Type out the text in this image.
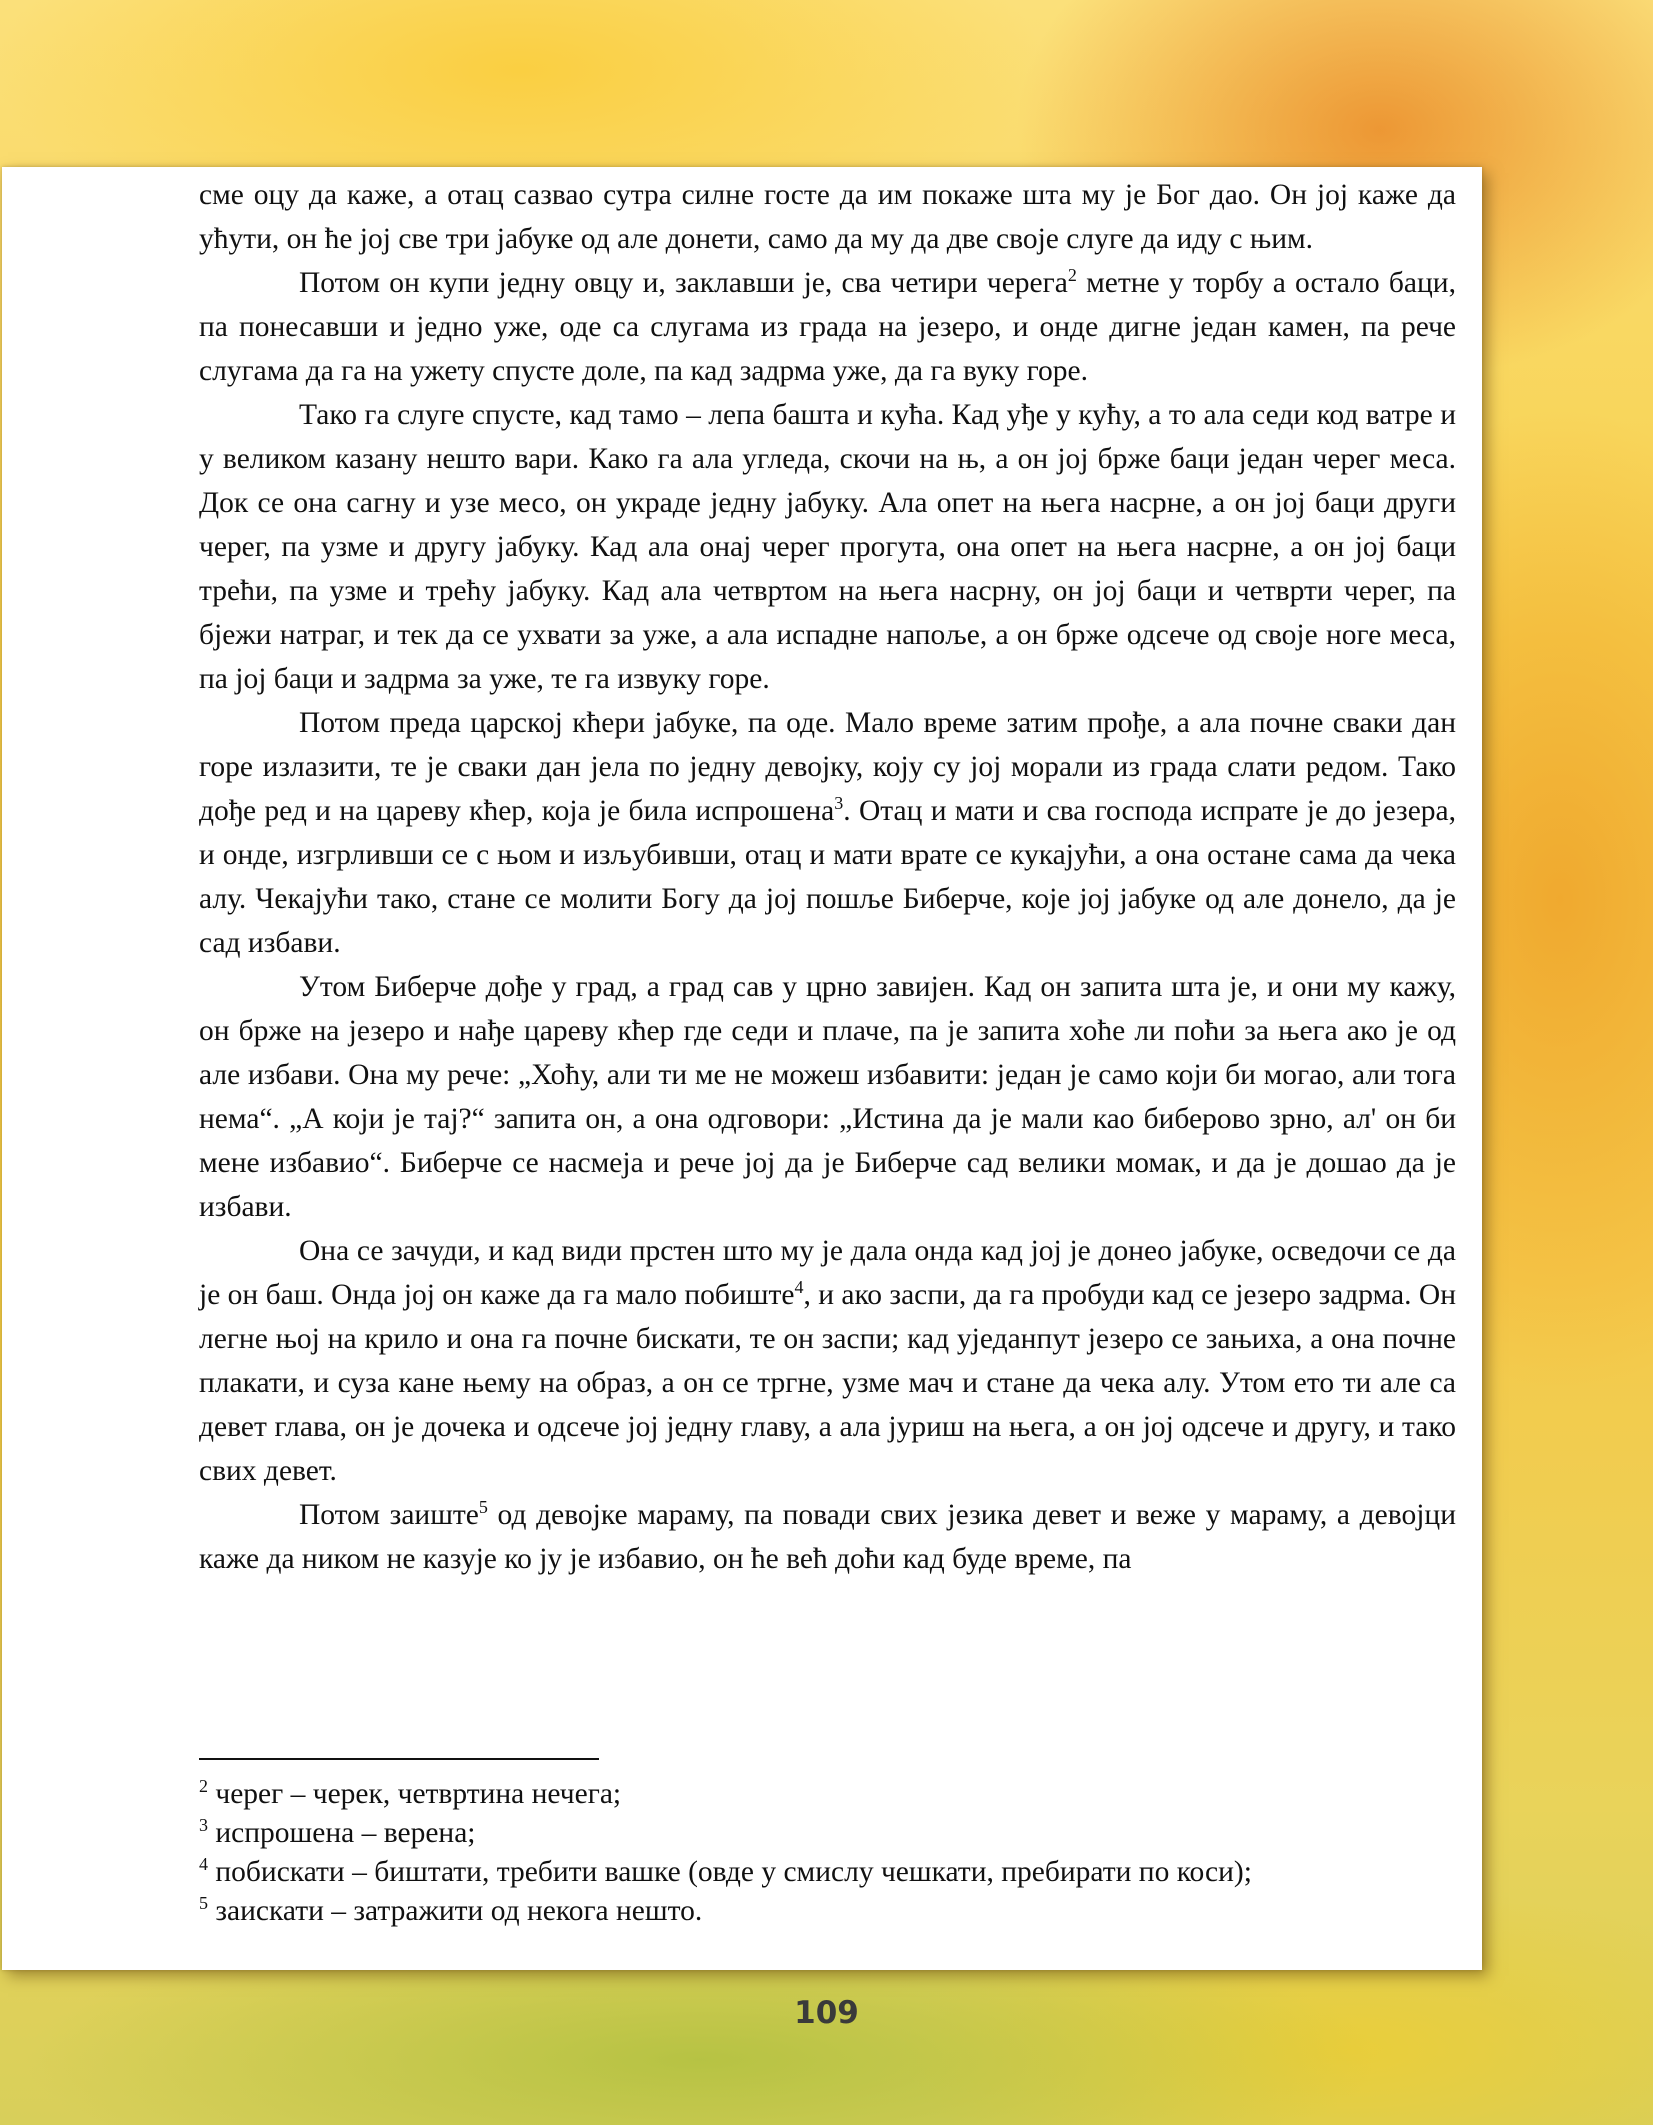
сме оцу да каже, а отац сазвао сутра силне госте да им покаже шта му је Бог дао. Он јој каже да ућути, он ће јој све три јабуке од але донети, само да му да две своје слуге да иду с њим.

Потом он купи једну овцу и, заклавши је, сва четири черега$^2$ метне у торбу а остало баци, па понесавши и једно уже, оде са слугама из града на језеро, и онде дигне један камен, па рече слугама да га на ужету спусте доле, па кад задрма уже, да га вуку горе.

Тако га слуге спусте, кад тамо – лепа башта и кућа. Кад уђе у кућу, а то ала седи код ватре и у великом казану нешто вари. Како га ала угледа, скочи на њ, а он јој брже баци један черег меса. Док се она сагну и узе месо, он украде једну јабуку. Ала опет на њега насрне, а он јој баци други черег, па узме и другу јабуку. Кад ала онај черег прогута, она опет на њега насрне, а он јој баци трећи, па узме и трећу јабуку. Кад ала четвртом на њега насрну, он јој баци и четврти черег, па бјежи натраг, и тек да се ухвати за уже, а ала испадне напоље, а он брже одсече од своје ноге меса, па јој баци и задрма за уже, те га извуку горе.

Потом преда царској кћери јабуке, па оде. Мало време затим прође, а ала почне сваки дан горе излазити, те је сваки дан јела по једну девојку, коју су јој морали из града слати редом. Тако дође ред и на цареву кћер, која је била испрошена$^3$. Отац и мати и сва господа испрате је до језера, и онде, изгрливши се с њом и изљубивши, отац и мати врате се кукајући, а она остане сама да чека алу. Чекајући тако, стане се молити Богу да јој пошље Биберче, које јој јабуке од але донело, да је сад избави.

Утом Биберче дође у град, а град сав у црно завијен. Кад он запита шта је, и они му кажу, он брже на језеро и нађе цареву кћер где седи и плаче, па је запита хоће ли поћи за њега ако је од але избави. Она му рече: „Хоћу, али ти ме не можеш избавити: један је само који би могао, али тога нема“. „А који је тај?“ запита он, а она одговори: „Истина да је мали као биберово зрно, ал' он би мене избавио“. Биберче се насмеја и рече јој да је Биберче сад велики момак, и да је дошао да је избави.

Она се зачуди, и кад види прстен што му је дала онда кад јој је донео јабуке, осведочи се да је он баш. Онда јој он каже да га мало побиште$^4$, и ако заспи, да га пробуди кад се језеро задрма. Он легне њој на крило и она га почне бискати, те он заспи; кад уједанпут језеро се зањиха, а она почне плакати, и суза кане њему на образ, а он се тргне, узме мач и стане да чека алу. Утом ето ти але са девет глава, он је дочека и одсече јој једну главу, а ала јуриш на њега, а он јој одсече и другу, и тако свих девет.

Потом заиште$^5$ од девојке мараму, па повади свих језика девет и веже у мараму, а девојци каже да ником не казује ко ју је избавио, он ће већ доћи кад буде време, па

$^2$ черег – черек, четвртина нечега;

$^3$ испрошена – верена;

$^4$ побискати – биштати, требити вашке (овде у смислу чешкати, пребирати по коси);

$^5$ заискати – затражити од некога нешто.

109
